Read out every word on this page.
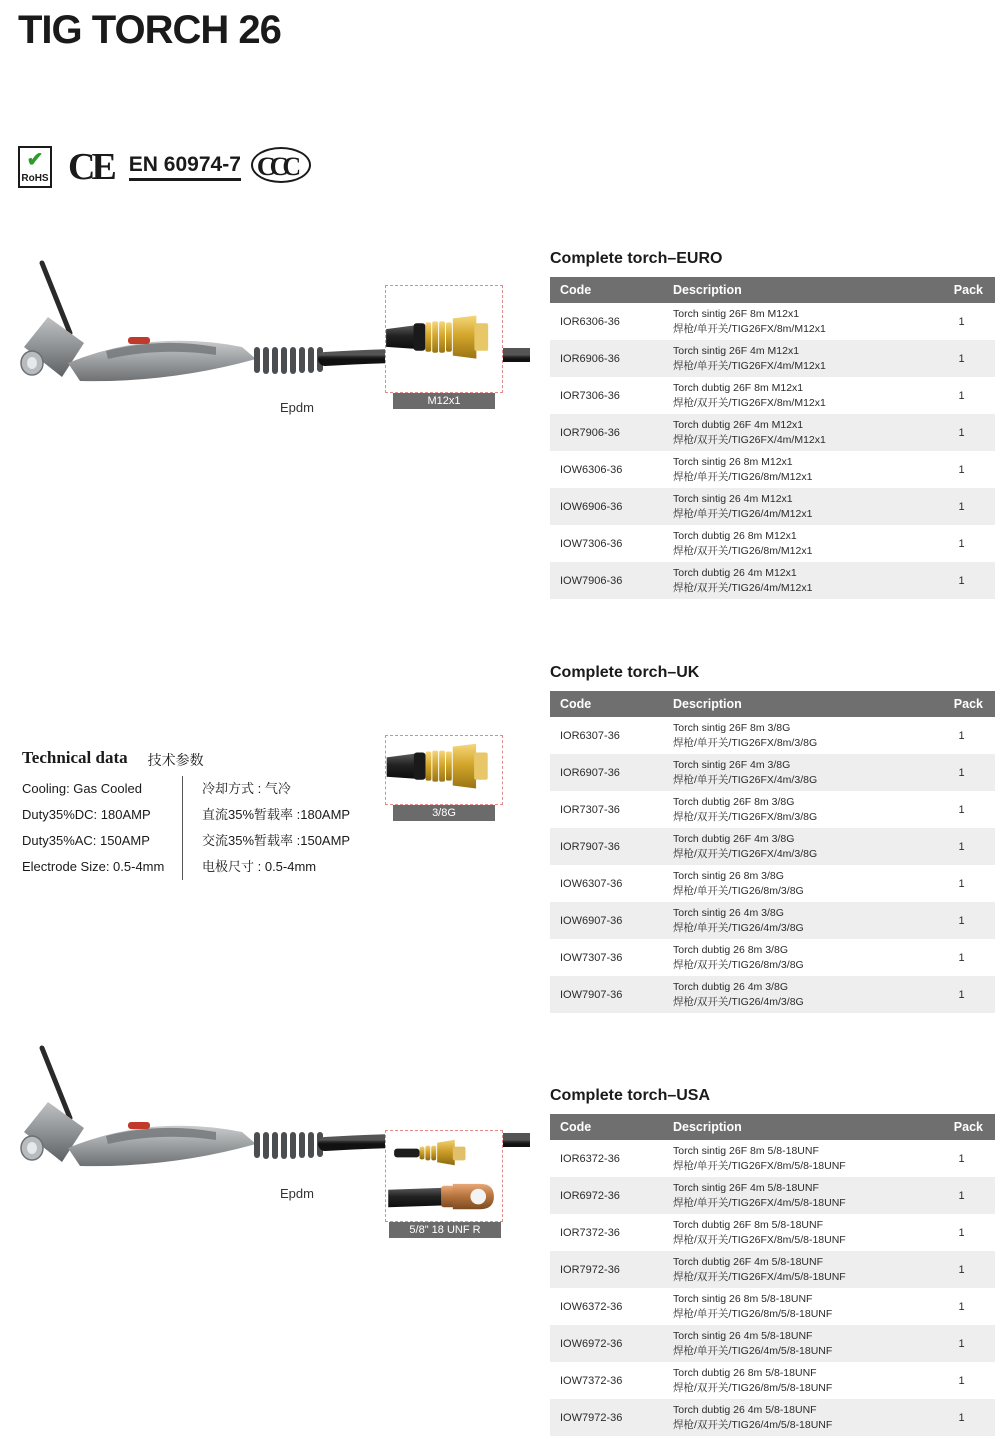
TIG TORCH 26
✔
RoHS CE EN 60974-7 CCC
Epdm	M12x1
3/8G
Technical data	技术参数
Cooling: Gas Cooled	冷却方式 : 气冷
Duty35%DC: 180AMP	直流35%暂载率 :180AMP
Duty35%AC: 150AMP	交流35%暂载率 :150AMP
Electrode Size: 0.5-4mm	电极尺寸 : 0.5-4mm
Epdm
5/8" 18 UNF R
Complete torch–EURO
Code	Description	Pack
IOR6306-36	Torch sintig 26F 8m M12x1
焊枪/单开关/TIG26FX/8m/M12x1	1
IOR6906-36	Torch sintig 26F 4m M12x1
焊枪/单开关/TIG26FX/4m/M12x1	1
IOR7306-36	Torch dubtig 26F 8m M12x1
焊枪/双开关/TIG26FX/8m/M12x1	1
IOR7906-36	Torch dubtig 26F 4m M12x1
焊枪/双开关/TIG26FX/4m/M12x1	1
IOW6306-36	Torch sintig 26 8m M12x1
焊枪/单开关/TIG26/8m/M12x1	1
IOW6906-36	Torch sintig 26 4m M12x1
焊枪/单开关/TIG26/4m/M12x1	1
IOW7306-36	Torch dubtig 26 8m M12x1
焊枪/双开关/TIG26/8m/M12x1	1
IOW7906-36	Torch dubtig 26 4m M12x1
焊枪/双开关/TIG26/4m/M12x1	1
Complete torch–UK
Code	Description	Pack
IOR6307-36	Torch sintig 26F 8m 3/8G
焊枪/单开关/TIG26FX/8m/3/8G	1
IOR6907-36	Torch sintig 26F 4m 3/8G
焊枪/单开关/TIG26FX/4m/3/8G	1
IOR7307-36	Torch dubtig 26F 8m 3/8G
焊枪/双开关/TIG26FX/8m/3/8G	1
IOR7907-36	Torch dubtig 26F 4m 3/8G
焊枪/双开关/TIG26FX/4m/3/8G	1
IOW6307-36	Torch sintig 26 8m 3/8G
焊枪/单开关/TIG26/8m/3/8G	1
IOW6907-36	Torch sintig 26 4m 3/8G
焊枪/单开关/TIG26/4m/3/8G	1
IOW7307-36	Torch dubtig 26 8m 3/8G
焊枪/双开关/TIG26/8m/3/8G	1
IOW7907-36	Torch dubtig 26 4m 3/8G
焊枪/双开关/TIG26/4m/3/8G	1
Complete torch–USA
Code	Description	Pack
IOR6372-36	Torch sintig 26F 8m 5/8-18UNF
焊枪/单开关/TIG26FX/8m/5/8-18UNF	1
IOR6972-36	Torch sintig 26F 4m 5/8-18UNF
焊枪/单开关/TIG26FX/4m/5/8-18UNF	1
IOR7372-36	Torch dubtig 26F 8m 5/8-18UNF
焊枪/双开关/TIG26FX/8m/5/8-18UNF	1
IOR7972-36	Torch dubtig 26F 4m 5/8-18UNF
焊枪/双开关/TIG26FX/4m/5/8-18UNF	1
IOW6372-36	Torch sintig 26 8m 5/8-18UNF
焊枪/单开关/TIG26/8m/5/8-18UNF	1
IOW6972-36	Torch sintig 26 4m 5/8-18UNF
焊枪/单开关/TIG26/4m/5/8-18UNF	1
IOW7372-36	Torch dubtig 26 8m 5/8-18UNF
焊枪/双开关/TIG26/8m/5/8-18UNF	1
IOW7972-36	Torch dubtig 26 4m 5/8-18UNF
焊枪/双开关/TIG26/4m/5/8-18UNF	1
